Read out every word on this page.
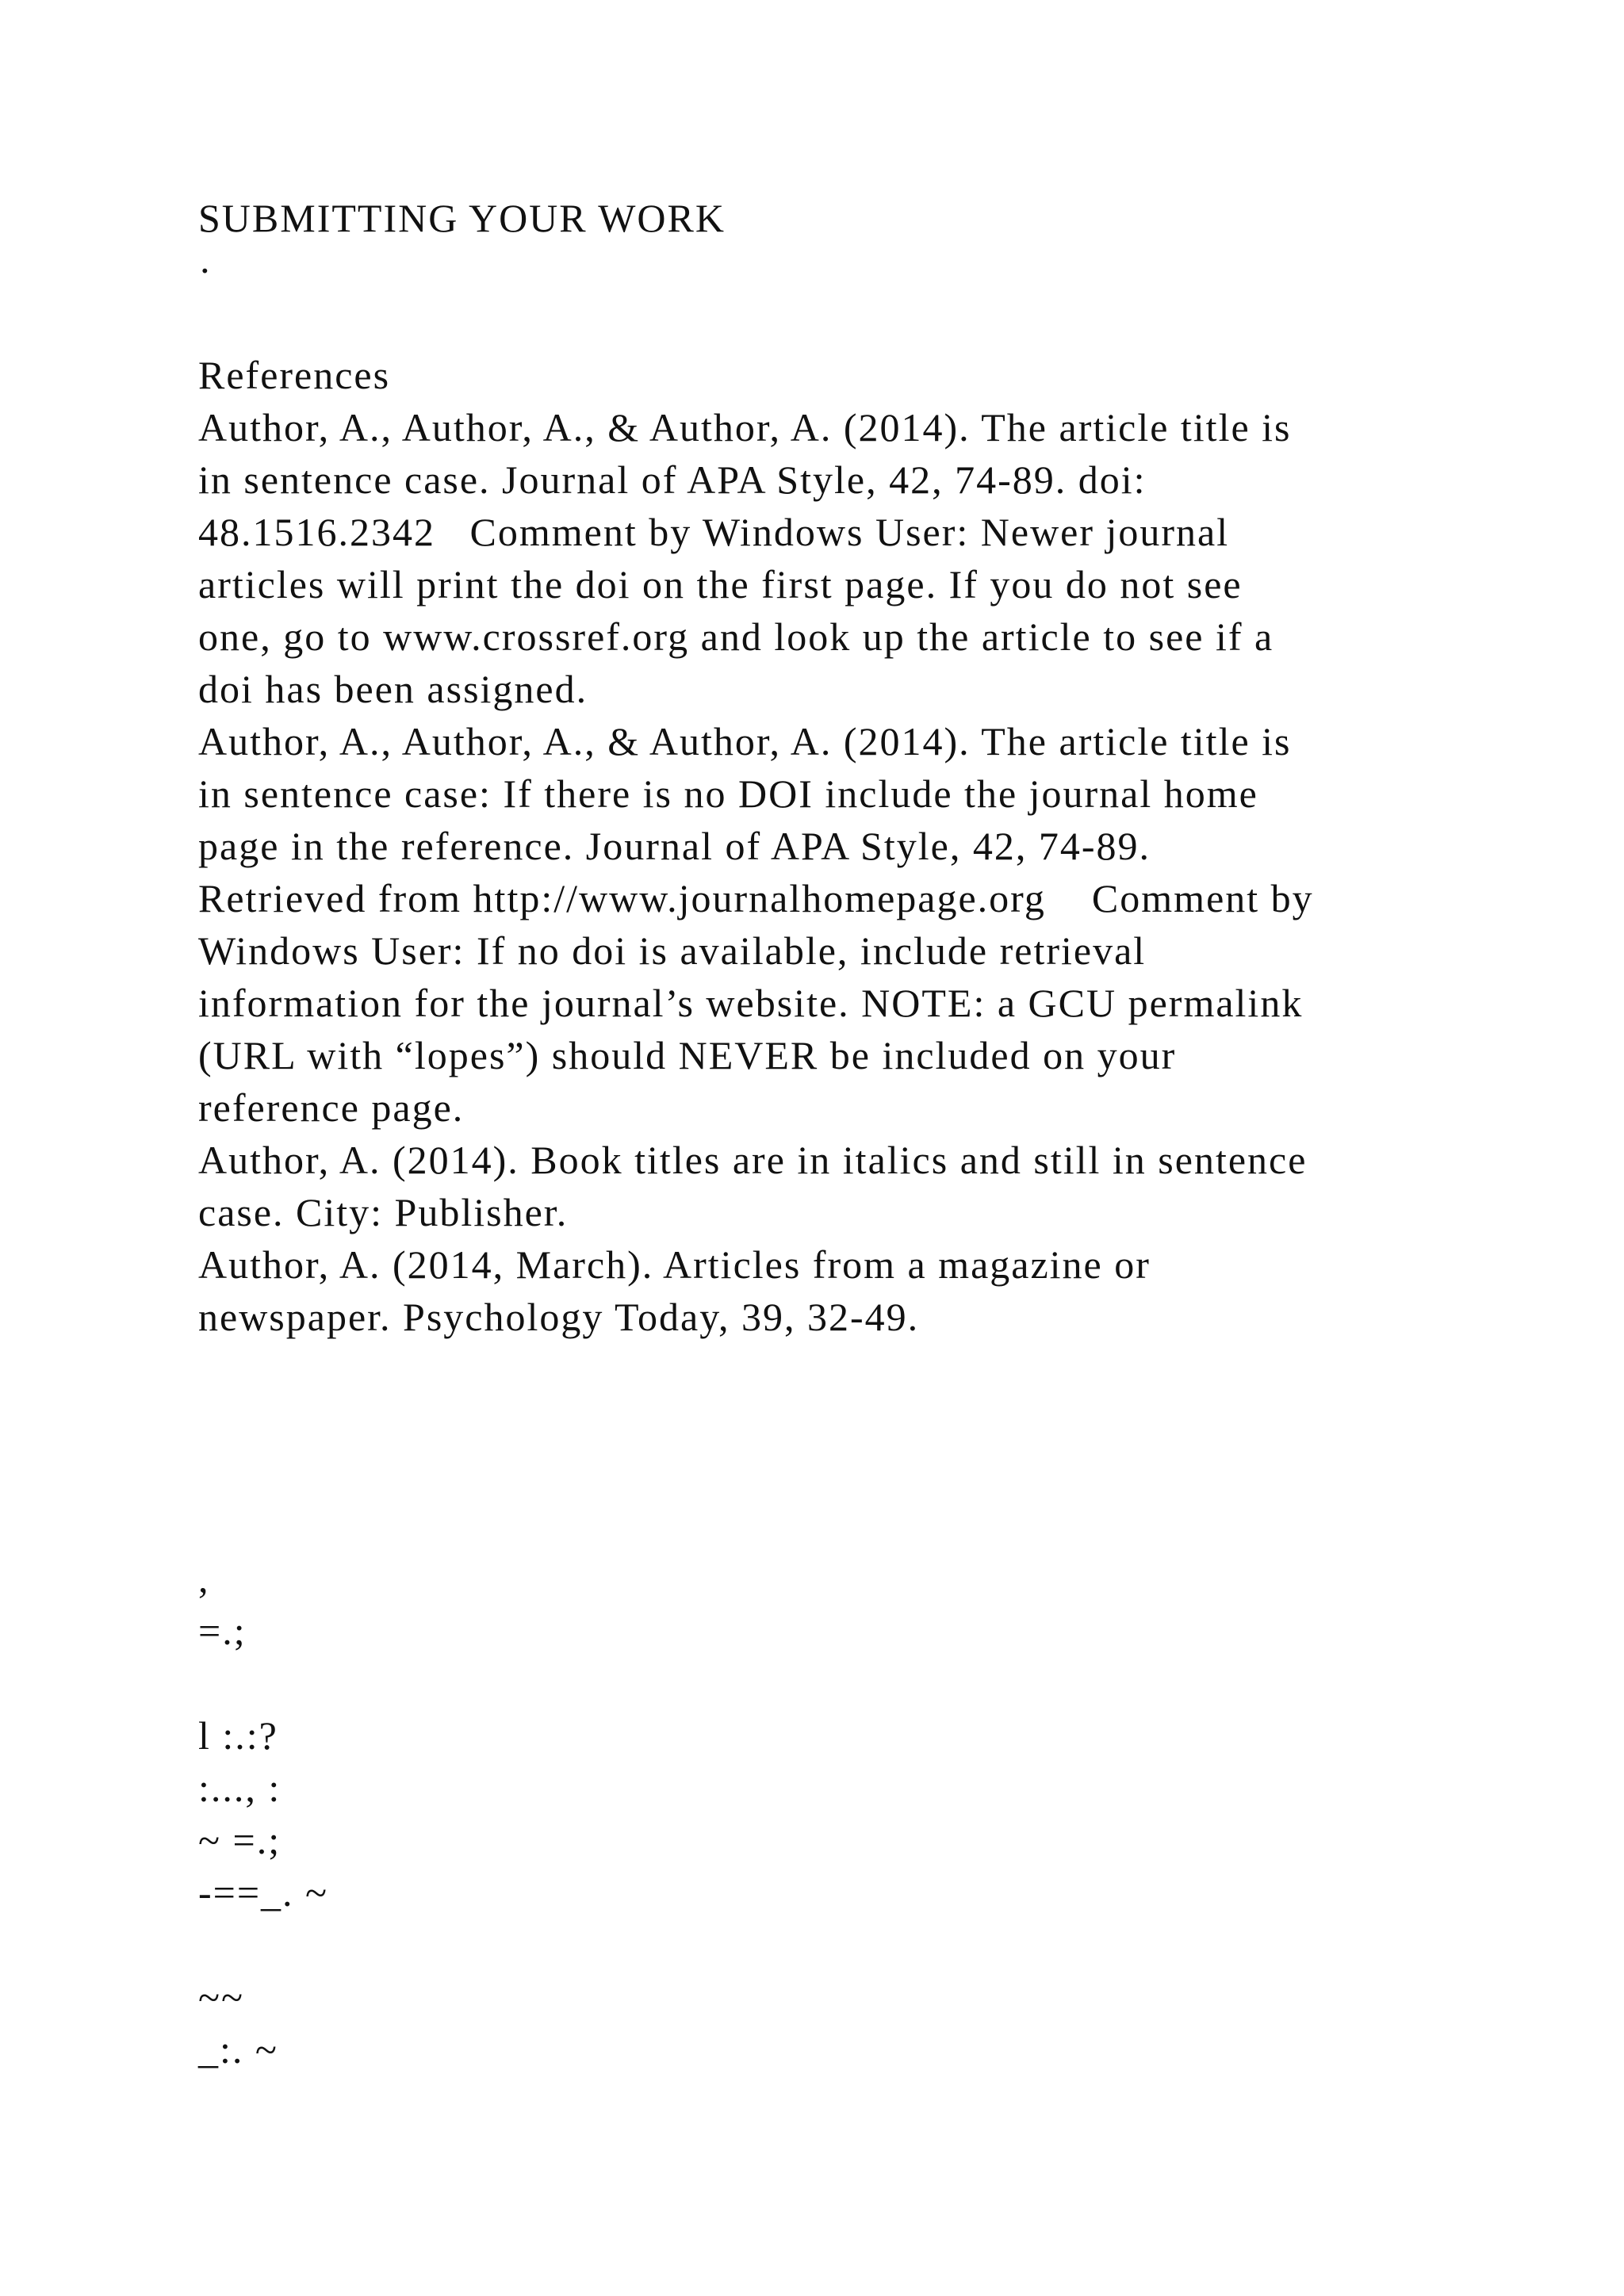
SUBMITTING YOUR WORK
·
References
Author, A., Author, A., & Author, A. (2014). The article title is
in sentence case. Journal of APA Style, 42, 74-89. doi:
48.1516.2342   Comment by Windows User: Newer journal
articles will print the doi on the first page. If you do not see
one, go to www.crossref.org and look up the article to see if a
doi has been assigned.
Author, A., Author, A., & Author, A. (2014). The article title is
in sentence case: If there is no DOI include the journal home
page in the reference. Journal of APA Style, 42, 74-89.
Retrieved from http://www.journalhomepage.org    Comment by
Windows User: If no doi is available, include retrieval
information for the journal’s website. NOTE: a GCU permalink
(URL with “lopes”) should NEVER be included on your
reference page.
Author, A. (2014). Book titles are in italics and still in sentence
case. City: Publisher.
Author, A. (2014, March). Articles from a magazine or
newspaper. Psychology Today, 39, 32-49.
,
=.;
l :.:?
:..., :
~ =.;
-==_. ~
~~
_:. ~
